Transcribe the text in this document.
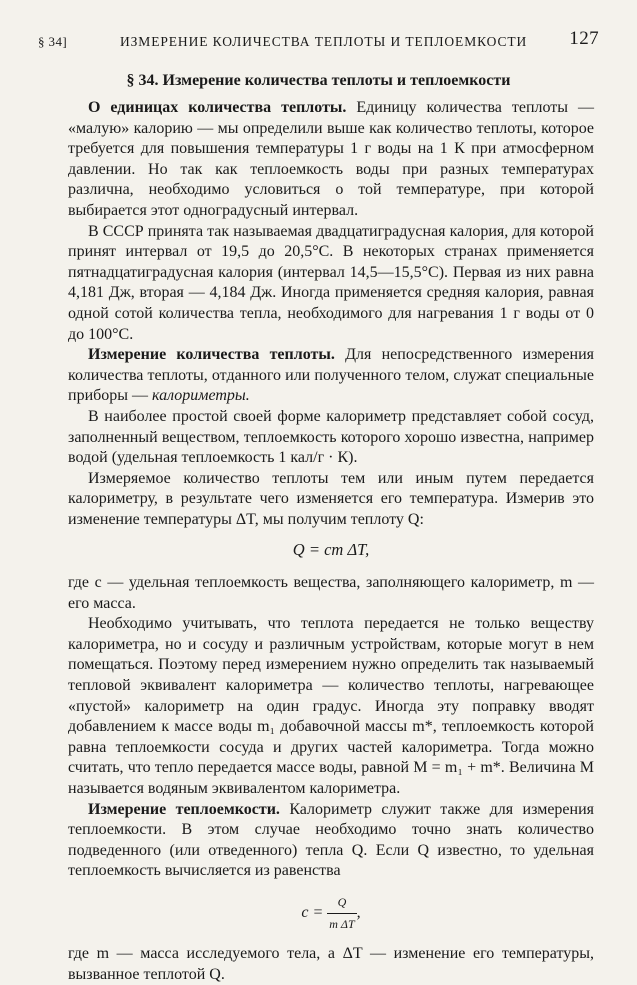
§ 34]	ИЗМЕРЕНИЕ КОЛИЧЕСТВА ТЕПЛОТЫ И ТЕПЛОЕМКОСТИ 127
§ 34. Измерение количества теплоты и теплоемкости

О единицах количества теплоты. Единицу количества теплоты — «малую» калорию — мы определили выше как количество теплоты, которое требуется для повышения температуры 1 г воды на 1 К при атмосферном давлении. Но так как теплоемкость воды при разных температурах различна, необходимо условиться о той температуре, при которой выбирается этот одноградусный интервал.

В СССР принята так называемая двадцатиградусная калория, для которой принят интервал от 19,5 до 20,5°С. В некоторых странах применяется пятнадцатиградусная калория (интервал 14,5—15,5°С). Первая из них равна 4,181 Дж, вторая — 4,184 Дж. Иногда применяется средняя калория, равная одной сотой количества тепла, необходимого для нагревания 1 г воды от 0 до 100°С.

Измерение количества теплоты. Для непосредственного измерения количества теплоты, отданного или полученного телом, служат специальные приборы — калориметры.

В наиболее простой своей форме калориметр представляет собой сосуд, заполненный веществом, теплоемкость которого хорошо известна, например водой (удельная теплоемкость 1 кал/г · К).

Измеряемое количество теплоты тем или иным путем передается калориметру, в результате чего изменяется его температура. Измерив это изменение температуры ΔT, мы получим теплоту Q:

Q = cm ΔT,

где c — удельная теплоемкость вещества, заполняющего калориметр, m — его масса.

Необходимо учитывать, что теплота передается не только веществу калориметра, но и сосуду и различным устройствам, которые могут в нем помещаться. Поэтому перед измерением нужно определить так называемый тепловой эквивалент калориметра — количество теплоты, нагревающее «пустой» калориметр на один градус. Иногда эту поправку вводят добавлением к массе воды m₁ добавочной массы m*, теплоемкость которой равна теплоемкости сосуда и других частей калориметра. Тогда можно считать, что тепло передается массе воды, равной M = m₁ + m*. Величина M называется водяным эквивалентом калориметра.

Измерение теплоемкости. Калориметр служит также для измерения теплоемкости. В этом случае необходимо точно знать количество подведенного (или отведенного) тепла Q. Если Q известно, то удельная теплоемкость вычисляется из равенства

$c = \frac{Q}{\text{m ΔT}}$ ,

где m — масса исследуемого тела, а ΔT — изменение его температуры, вызванное теплотой Q.
